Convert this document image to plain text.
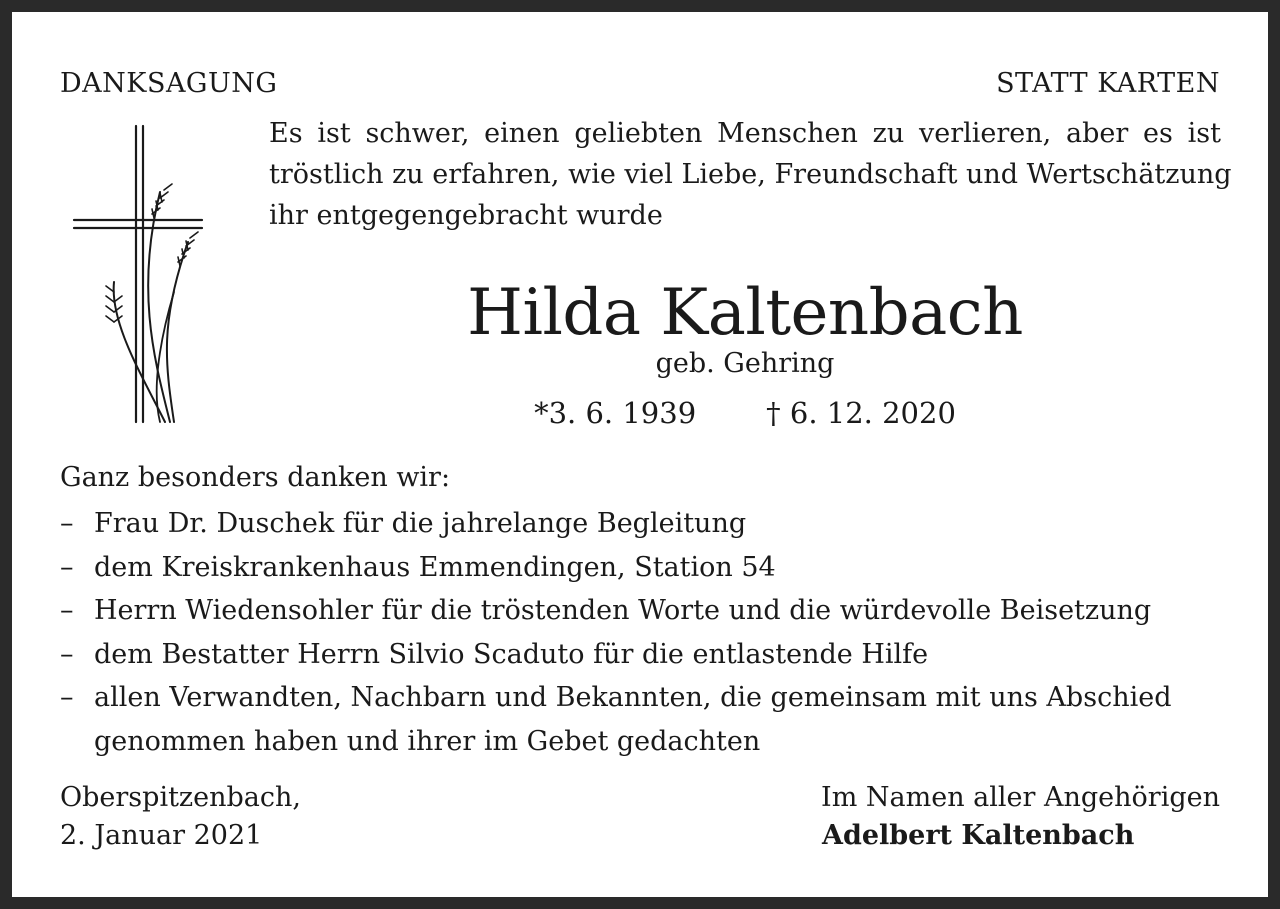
DANKSAGUNG	STATT KARTEN
Es ist schwer, einen geliebten Menschen zu verlieren, aber es ist
tröstlich zu erfahren, wie viel Liebe, Freundschaft und Wertschätzung
ihr entgegengebracht wurde
Hilda Kaltenbach
geb. Gehring
*3. 6. 1939 † 6. 12. 2020
Ganz besonders danken wir:
– Frau Dr. Duschek für die jahrelange Begleitung
– dem Kreiskrankenhaus Emmendingen, Station 54
– Herrn Wiedensohler für die tröstenden Worte und die würdevolle Beisetzung
– dem Bestatter Herrn Silvio Scaduto für die entlastende Hilfe
– allen Verwandten, Nachbarn und Bekannten, die gemeinsam mit uns Abschied
genommen haben und ihrer im Gebet gedachten
Oberspitzenbach,
2. Januar 2021
Im Namen aller Angehörigen
Adelbert Kaltenbach
